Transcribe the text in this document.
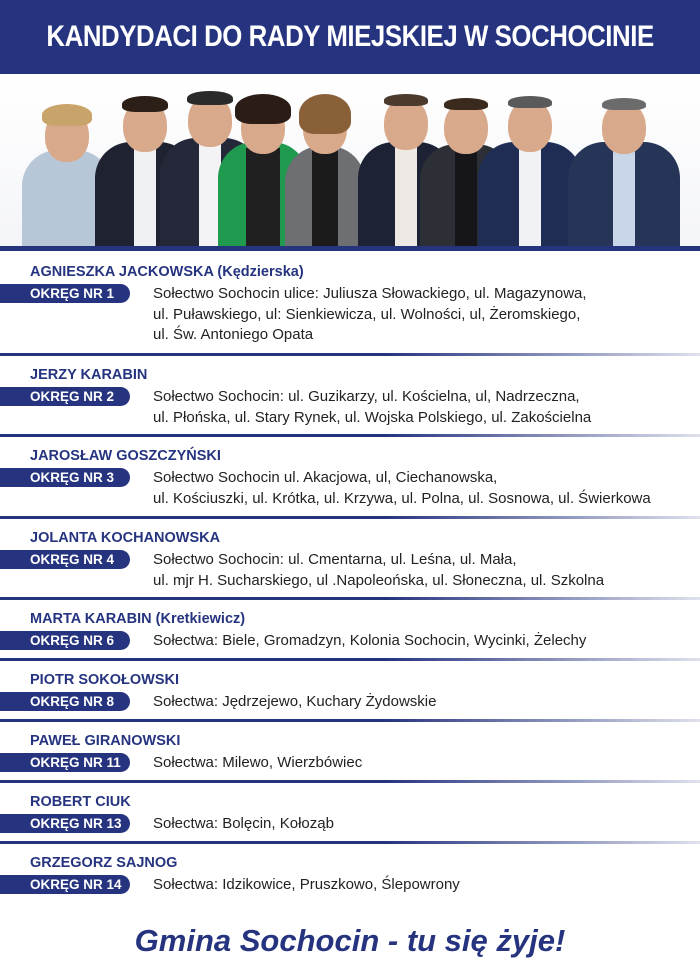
KANDYDACI DO RADY MIEJSKIEJ W SOCHOCINIE
AGNIESZKA JACKOWSKA (Kędzierska)
OKRĘG NR 1	Sołectwo Sochocin ulice: Juliusza Słowackiego, ul. Magazynowa,
ul. Puławskiego, ul: Sienkiewicza, ul. Wolności, ul, Żeromskiego,
ul. Św. Antoniego Opata
JERZY KARABIN
OKRĘG NR 2	Sołectwo Sochocin: ul. Guzikarzy, ul. Kościelna, ul, Nadrzeczna,
ul. Płońska, ul. Stary Rynek, ul. Wojska Polskiego, ul. Zakościelna
JAROSŁAW GOSZCZYŃSKI
OKRĘG NR 3	Sołectwo Sochocin ul. Akacjowa, ul, Ciechanowska,
ul. Kościuszki, ul. Krótka, ul. Krzywa, ul. Polna, ul. Sosnowa, ul. Świerkowa
JOLANTA KOCHANOWSKA
OKRĘG NR 4	Sołectwo Sochocin: ul. Cmentarna, ul. Leśna, ul. Mała,
ul. mjr H. Sucharskiego, ul .Napoleońska, ul. Słoneczna, ul. Szkolna
MARTA KARABIN (Kretkiewicz)
OKRĘG NR 6	Sołectwa: Biele, Gromadzyn, Kolonia Sochocin, Wycinki, Żelechy
PIOTR SOKOŁOWSKI
OKRĘG NR 8	Sołectwa: Jędrzejewo, Kuchary Żydowskie
PAWEŁ GIRANOWSKI
OKRĘG NR 11	Sołectwa: Milewo, Wierzbówiec
ROBERT CIUK
OKRĘG NR 13	Sołectwa: Bolęcin, Kołoząb
GRZEGORZ SAJNOG
OKRĘG NR 14	Sołectwa: Idzikowice, Pruszkowo, Ślepowrony
Gmina Sochocin - tu się żyje!
